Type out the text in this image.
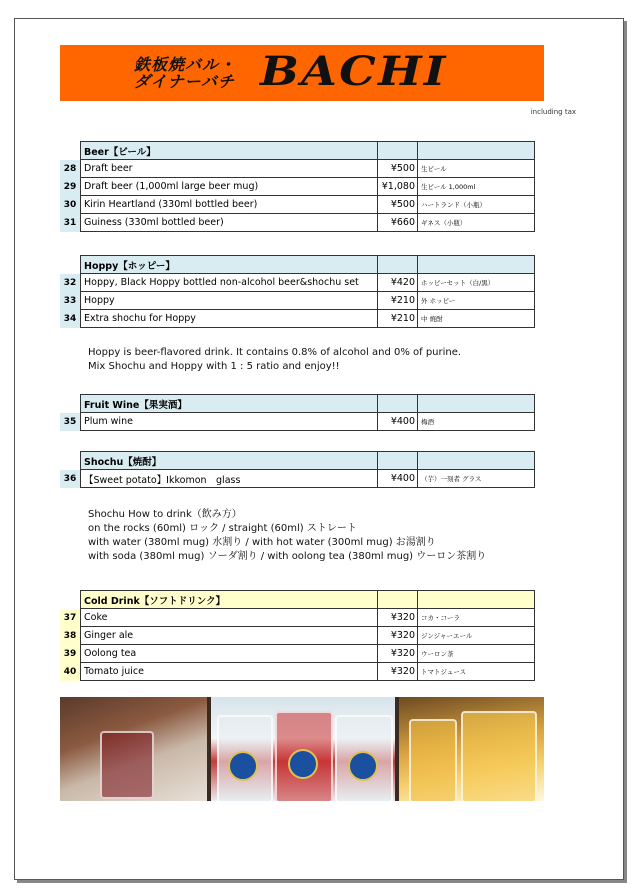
鉄板焼バル・
ダイナーバチ BACHI
including tax
	Beer【ビール】		
28	Draft beer	¥500	生ビール
29	Draft beer (1,000ml large beer mug)	¥1,080	生ビール 1,000ml
30	Kirin Heartland (330ml bottled beer)	¥500	ハートランド（小瓶）
31	Guiness (330ml bottled beer)	¥660	ギネス（小瓶）
	Hoppy【ホッピー】		
32	Hoppy, Black Hoppy bottled non-alcohol beer&shochu set	¥420	ホッピーセット（白/黒）
33	Hoppy	¥210	外 ホッピー
34	Extra shochu for Hoppy	¥210	中 焼酎
Hoppy is beer-flavored drink. It contains 0.8% of alcohol and 0% of purine.
Mix Shochu and Hoppy with 1 : 5 ratio and enjoy!!
	Fruit Wine【果実酒】		
35	Plum wine	¥400	梅酒
	Shochu【焼酎】		
36	【Sweet potato】Ikkomon　glass	¥400	（芋）一刻者 グラス
Shochu How to drink（飲み方）
on the rocks (60ml) ロック / straight (60ml) ストレート
with water (380ml mug) 水割り / with hot water (300ml mug) お湯割り
with soda (380ml mug) ソーダ割り / with oolong tea (380ml mug) ウーロン茶割り
	Cold Drink【ソフトドリンク】		
37	Coke	¥320	コカ・コーラ
38	Ginger ale	¥320	ジンジャーエール
39	Oolong tea	¥320	ウーロン茶
40	Tomato juice	¥320	トマトジュース
